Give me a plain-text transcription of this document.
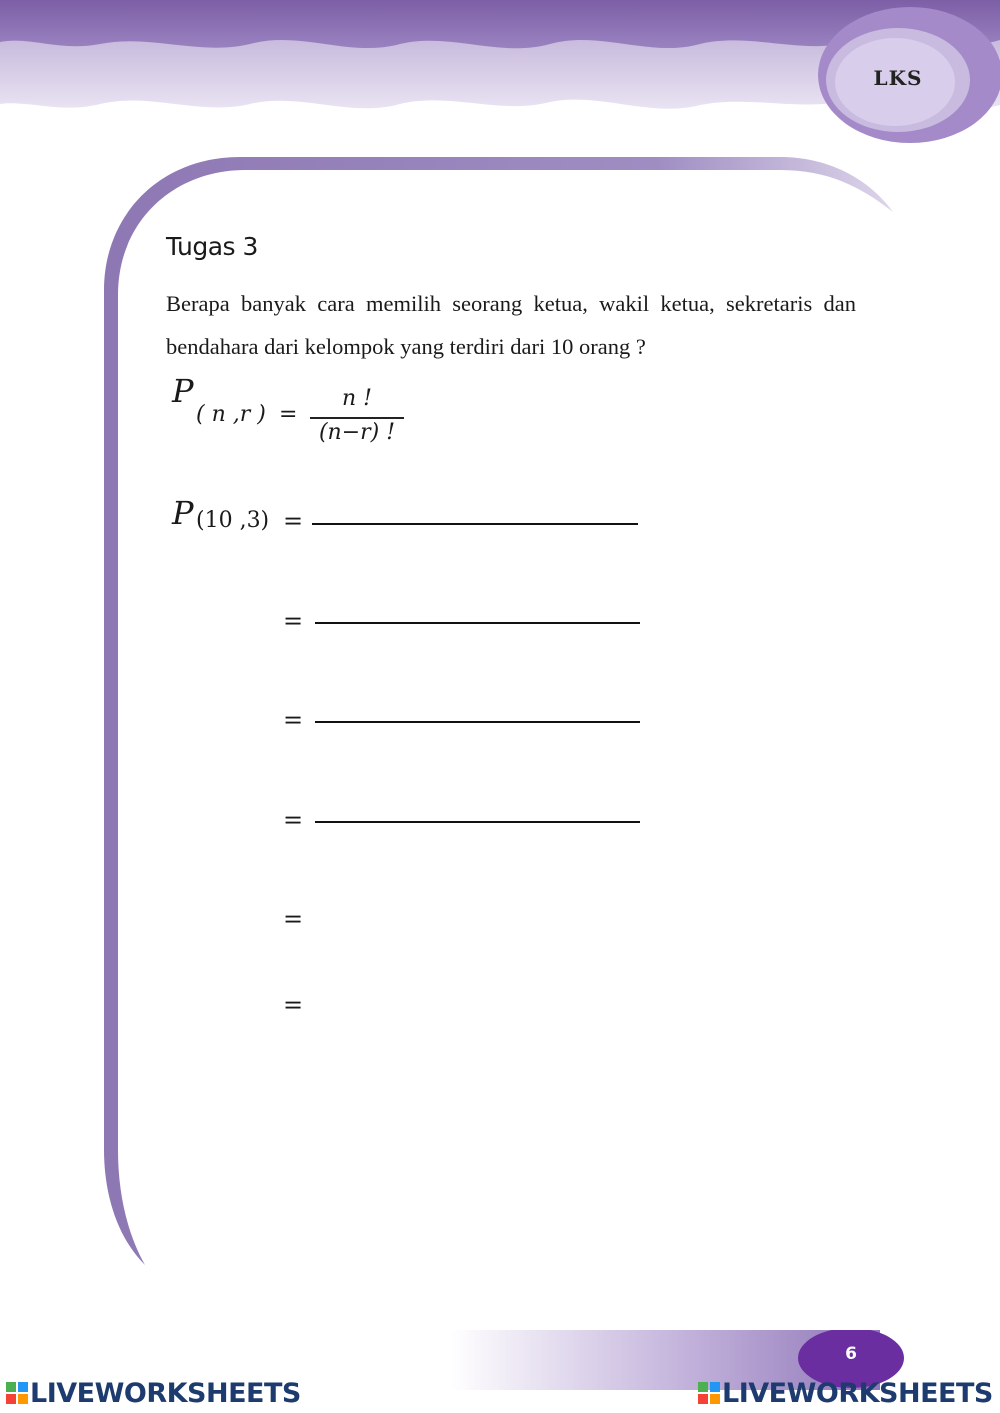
LKS
Tugas 3
Berapa banyak cara memilih seorang ketua, wakil ketua, sekretaris dan bendahara dari kelompok yang terdiri dari 10 orang ?
P
( n ,r ) =
n !
(n−r) !
P (10 ,3) =
=
=
=
=
=
6
LIVEWORKSHEETS	LIVEWORKSHEETS
